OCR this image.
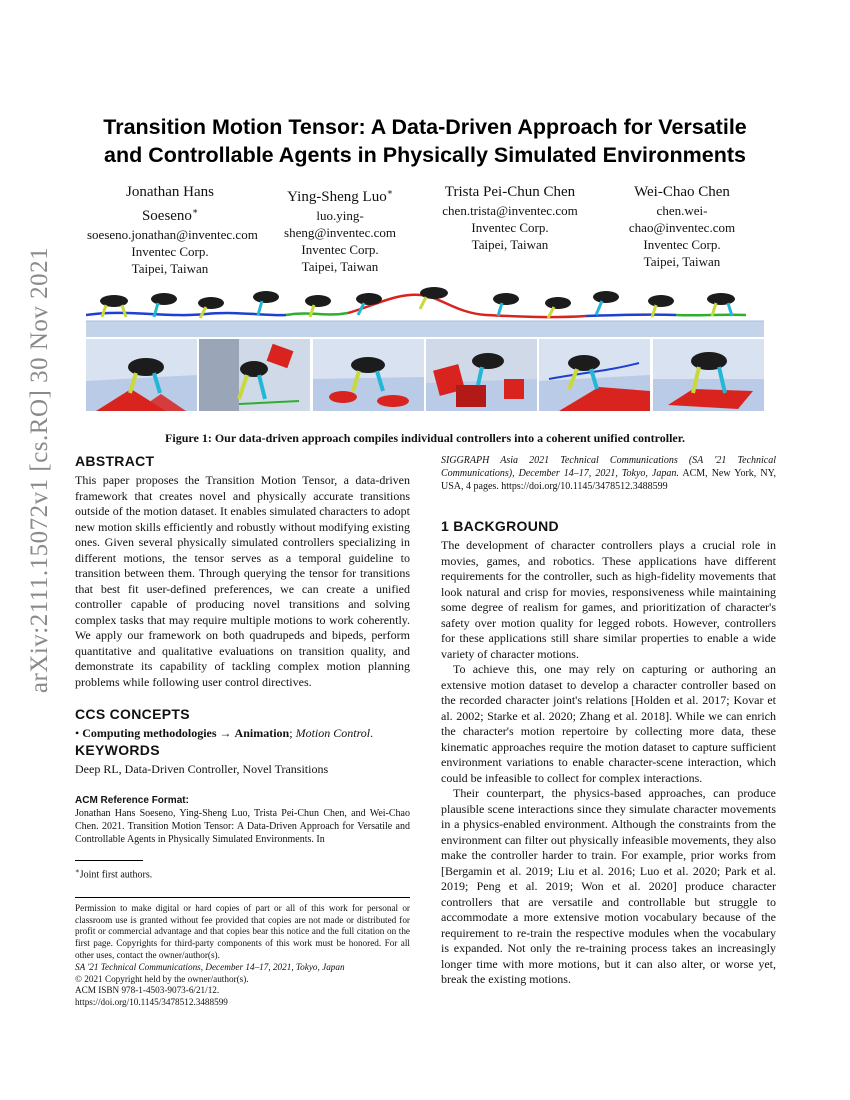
arXiv:2111.15072v1 [cs.RO] 30 Nov 2021
Transition Motion Tensor: A Data-Driven Approach for Versatile
and Controllable Agents in Physically Simulated Environments
Jonathan Hans
Soeseno∗
soeseno.jonathan@inventec.com
Inventec Corp.
Taipei, Taiwan
Ying-Sheng Luo∗
luo.ying-
sheng@inventec.com
Inventec Corp.
Taipei, Taiwan
Trista Pei-Chun Chen
chen.trista@inventec.com
Inventec Corp.
Taipei, Taiwan
Wei-Chao Chen
chen.wei-
chao@inventec.com
Inventec Corp.
Taipei, Taiwan
Figure 1: Our data-driven approach compiles individual controllers into a coherent unified controller.
ABSTRACT

This paper proposes the Transition Motion Tensor, a data-driven framework that creates novel and physically accurate transitions outside of the motion dataset. It enables simulated characters to adopt new motion skills efficiently and robustly without modifying existing ones. Given several physically simulated controllers specializing in different motions, the tensor serves as a temporal guideline to transition between them. Through querying the tensor for transitions that best fit user-defined preferences, we can create a unified controller capable of producing novel transitions and solving complex tasks that may require multiple motions to work coherently. We apply our framework on both quadrupeds and bipeds, perform quantitative and qualitative evaluations on transition quality, and demonstrate its capability of tackling complex motion planning problems while following user control directives.

CCS CONCEPTS
• Computing methodologies → Animation; Motion Control.
KEYWORDS

Deep RL, Data-Driven Controller, Novel Transitions

ACM Reference Format:

Jonathan Hans Soeseno, Ying-Sheng Luo, Trista Pei-Chun Chen, and Wei-Chao Chen. 2021. Transition Motion Tensor: A Data-Driven Approach for Versatile and Controllable Agents in Physically Simulated Environments. In

∗Joint first authors.

Permission to make digital or hard copies of part or all of this work for personal or classroom use is granted without fee provided that copies are not made or distributed for profit or commercial advantage and that copies bear this notice and the full citation on the first page. Copyrights for third-party components of this work must be honored. For all other uses, contact the owner/author(s).

SA '21 Technical Communications, December 14–17, 2021, Tokyo, Japan
© 2021 Copyright held by the owner/author(s).
ACM ISBN 978-1-4503-9073-6/21/12.
https://doi.org/10.1145/3478512.3488599

SIGGRAPH Asia 2021 Technical Communications (SA '21 Technical Communications), December 14–17, 2021, Tokyo, Japan. ACM, New York, NY, USA, 4 pages. https://doi.org/10.1145/3478512.3488599

1 BACKGROUND

The development of character controllers plays a crucial role in movies, games, and robotics. These applications have different requirements for the controller, such as high-fidelity movements that look natural and crisp for movies, responsiveness while maintaining some degree of realism for games, and prioritization of character's safety over motion quality for legged robots. However, controllers for these applications still share similar properties to enable a wide variety of character motions.

To achieve this, one may rely on capturing or authoring an extensive motion dataset to develop a character controller based on the recorded character joint's relations [Holden et al. 2017; Kovar et al. 2002; Starke et al. 2020; Zhang et al. 2018]. While we can enrich the character's motion repertoire by collecting more data, these kinematic approaches require the motion dataset to capture sufficient environment variations to enable character-scene interaction, which could be infeasible to collect for complex interactions.

Their counterpart, the physics-based approaches, can produce plausible scene interactions since they simulate character movements in a physics-enabled environment. Although the constraints from the environment can filter out physically infeasible movements, they also make the controller harder to train. For example, prior works from [Bergamin et al. 2019; Liu et al. 2016; Luo et al. 2020; Park et al. 2019; Peng et al. 2019; Won et al. 2020] produce character controllers that are versatile and controllable but struggle to accommodate a more extensive motion vocabulary because of the requirement to re-train the respective modules when the vocabulary is expanded. Not only the re-training process takes an increasingly longer time with more motions, but it can also alter, or worse yet, break the existing motions.
